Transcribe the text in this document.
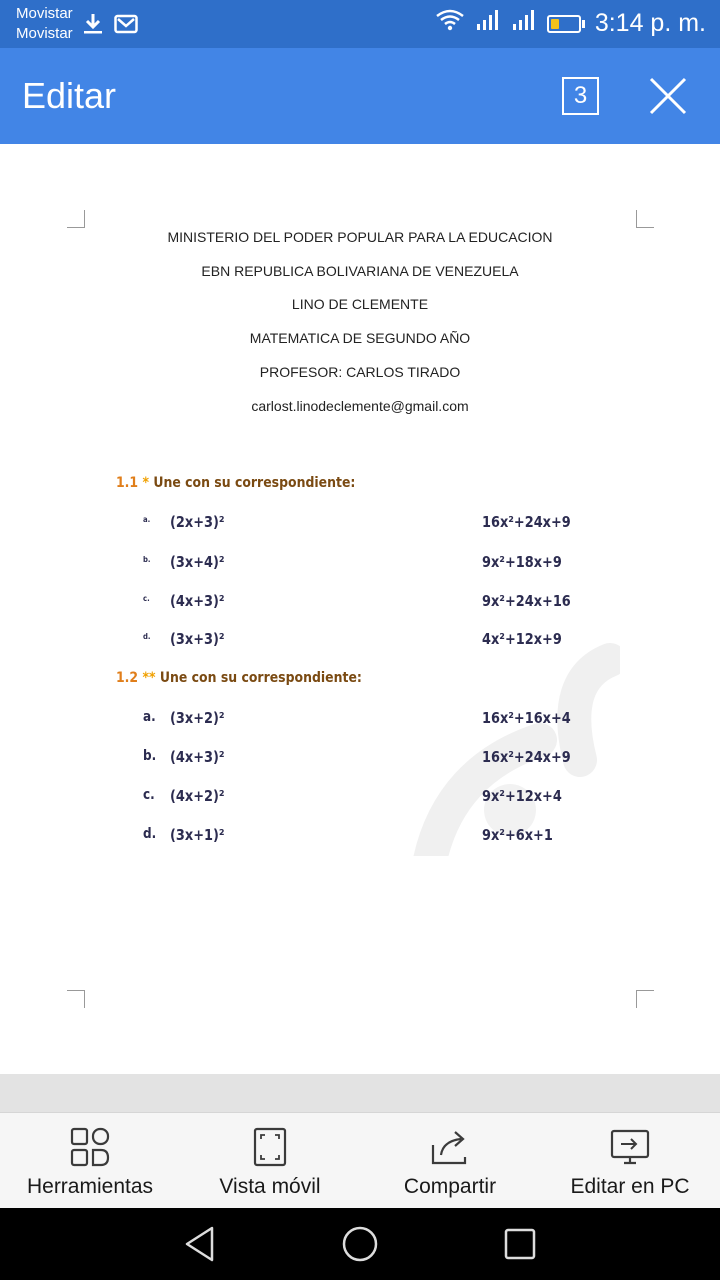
Movistar
Movistar	3:14 p. m.
Editar	3
MINISTERIO DEL PODER POPULAR PARA LA EDUCACION
EBN REPUBLICA BOLIVARIANA DE VENEZUELA
LINO DE CLEMENTE
MATEMATICA DE SEGUNDO AÑO
PROFESOR: CARLOS TIRADO
carlost.linodeclemente@gmail.com
1.1 * Une con su correspondiente:
a. (2x+3)²	16x²+24x+9
b. (3x+4)²	9x²+18x+9
c. (4x+3)²	9x²+24x+16
d. (3x+3)²	4x²+12x+9
1.2 ** Une con su correspondiente:
a. (3x+2)²	16x²+16x+4
b. (4x+3)²	16x²+24x+9
c. (4x+2)²	9x²+12x+4
d. (3x+1)²	9x²+6x+1
Herramientas	Vista móvil	Compartir	Editar en PC
